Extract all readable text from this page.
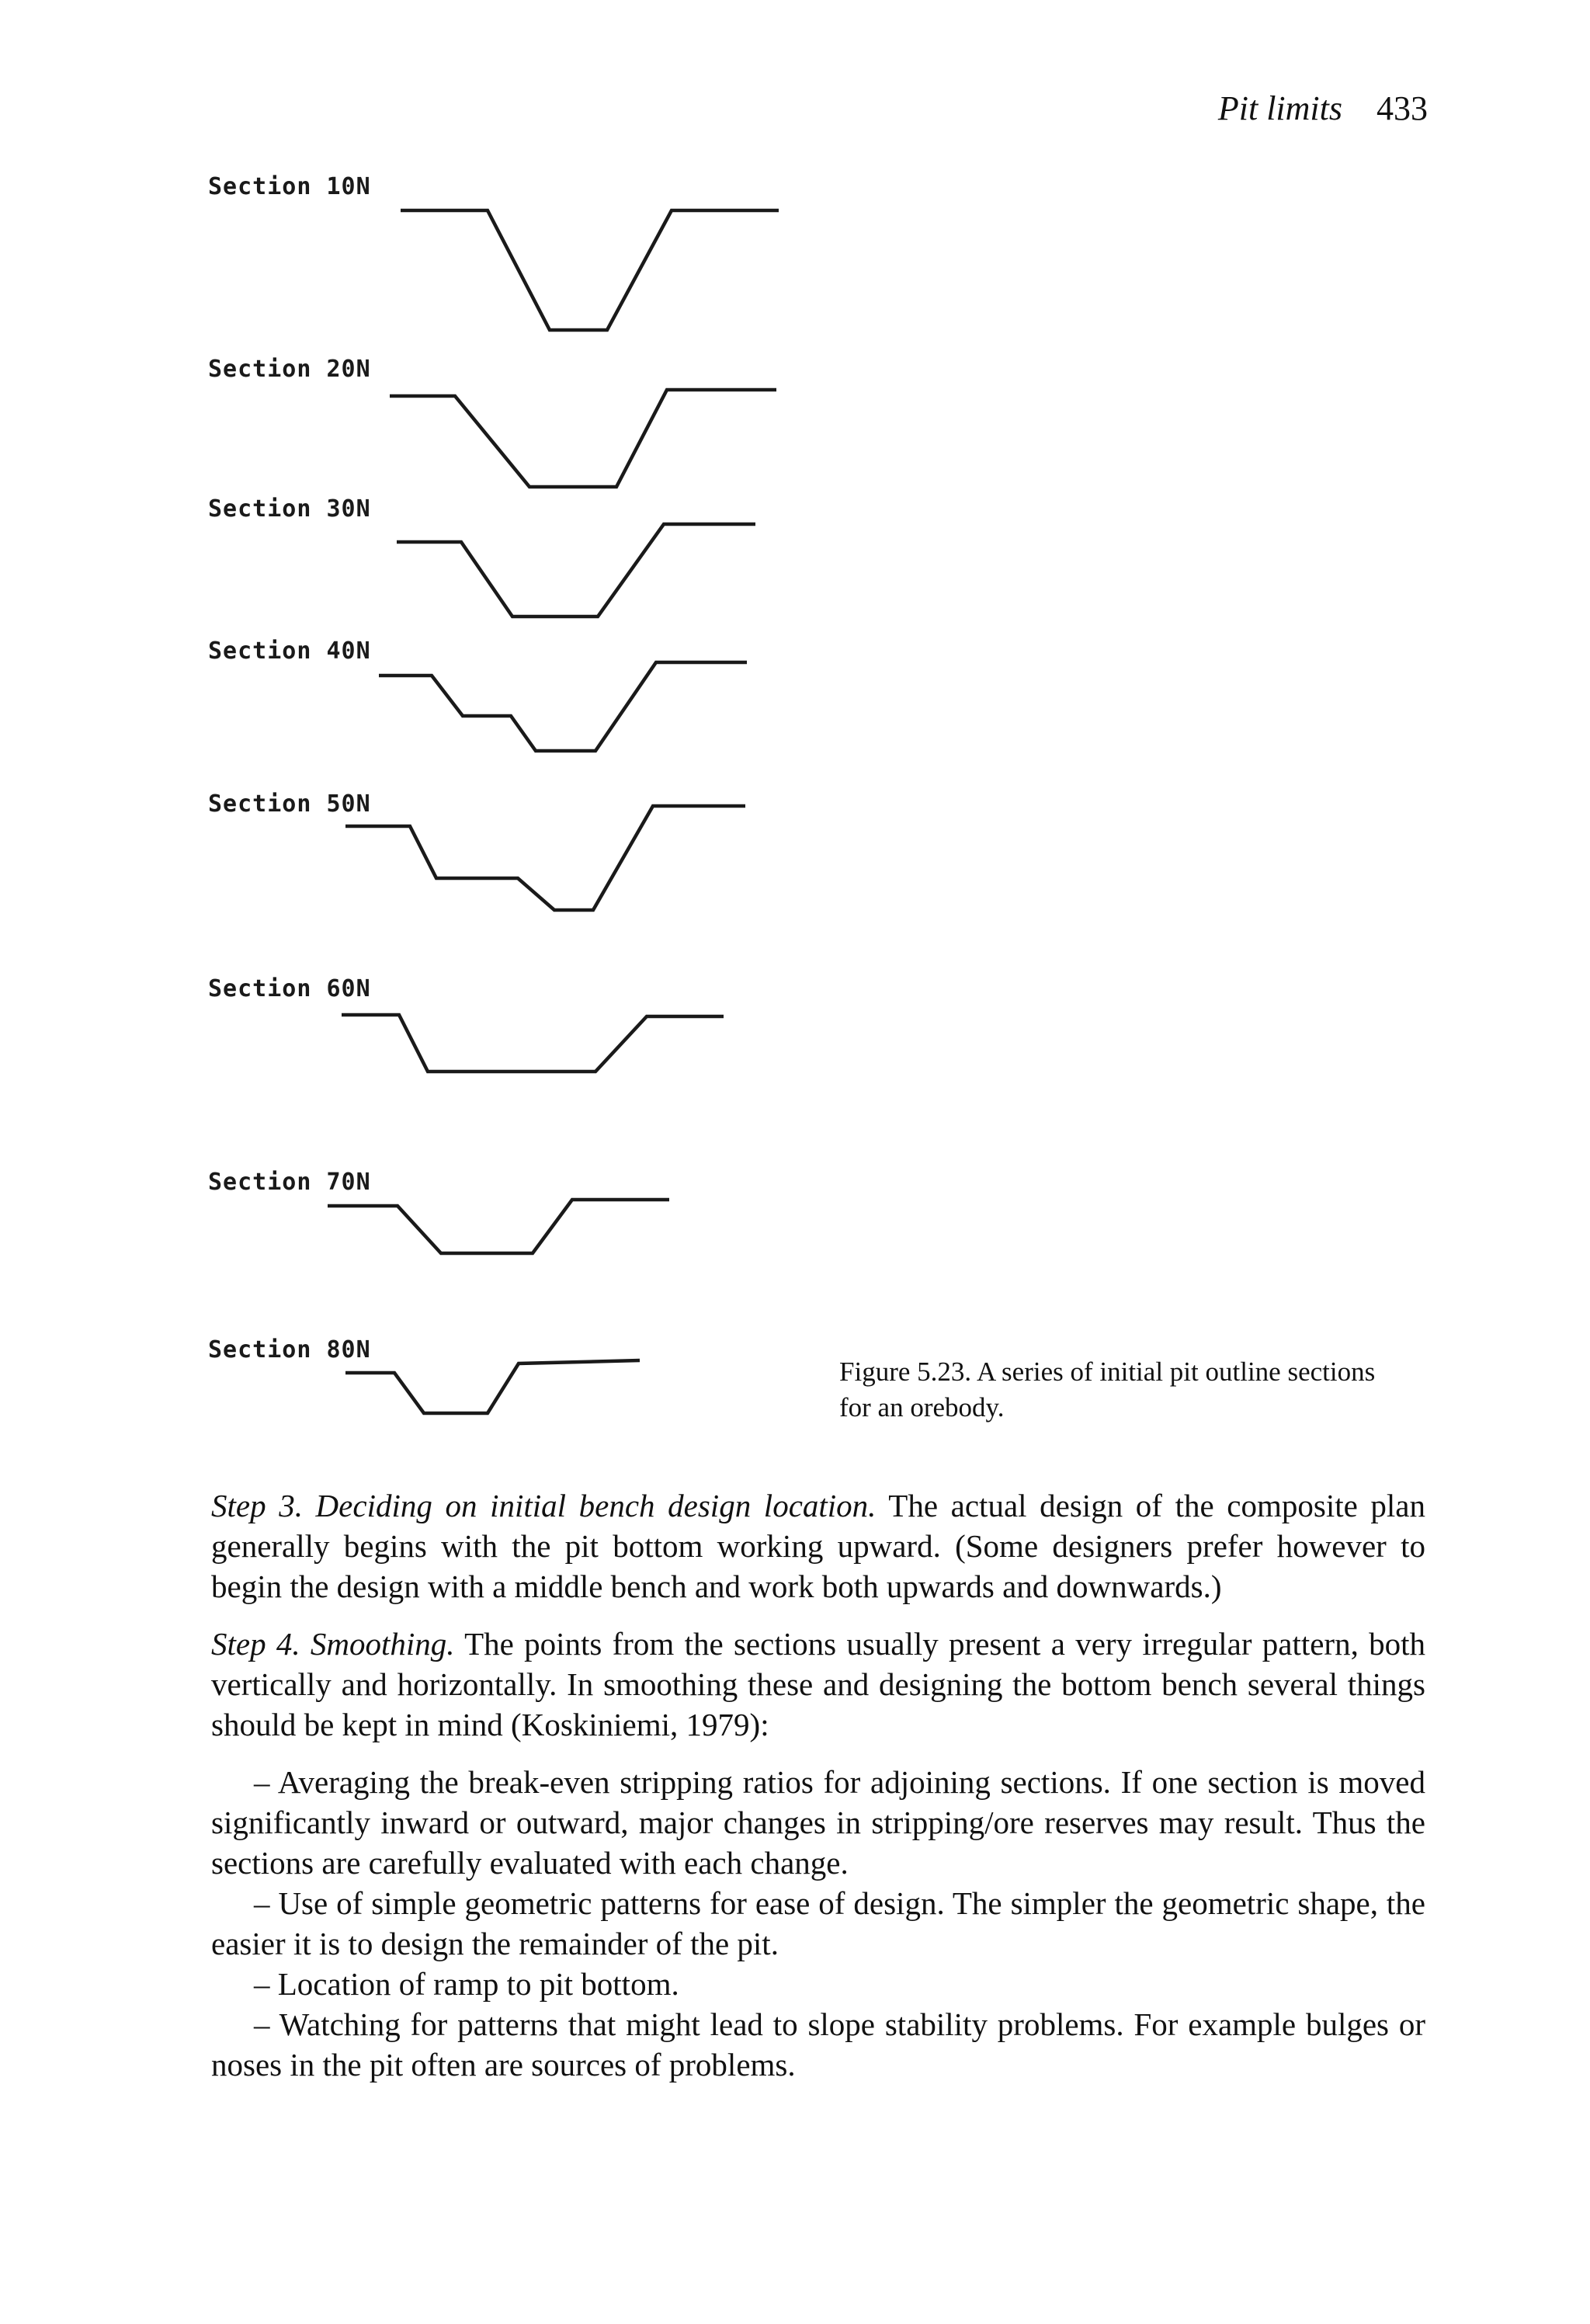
Pit limits 433
Section 10N
Section 20N
Section 30N
Section 40N
Section 50N
Section 60N
Section 70N
Section 80N
Figure 5.23. A series of initial pit outline sections
for an orebody.

Step 3. Deciding on initial bench design location. The actual design of the composite plan generally begins with the pit bottom working upward. (Some designers prefer however to begin the design with a middle bench and work both upwards and downwards.)

Step 4. Smoothing. The points from the sections usually present a very irregular pattern, both vertically and horizontally. In smoothing these and designing the bottom bench several things should be kept in mind (Koskiniemi, 1979):

– Averaging the break-even stripping ratios for adjoining sections. If one section is moved significantly inward or outward, major changes in stripping/ore reserves may result. Thus the sections are carefully evaluated with each change.

– Use of simple geometric patterns for ease of design. The simpler the geometric shape, the easier it is to design the remainder of the pit.

– Location of ramp to pit bottom.

– Watching for patterns that might lead to slope stability problems. For example bulges or noses in the pit often are sources of problems.
